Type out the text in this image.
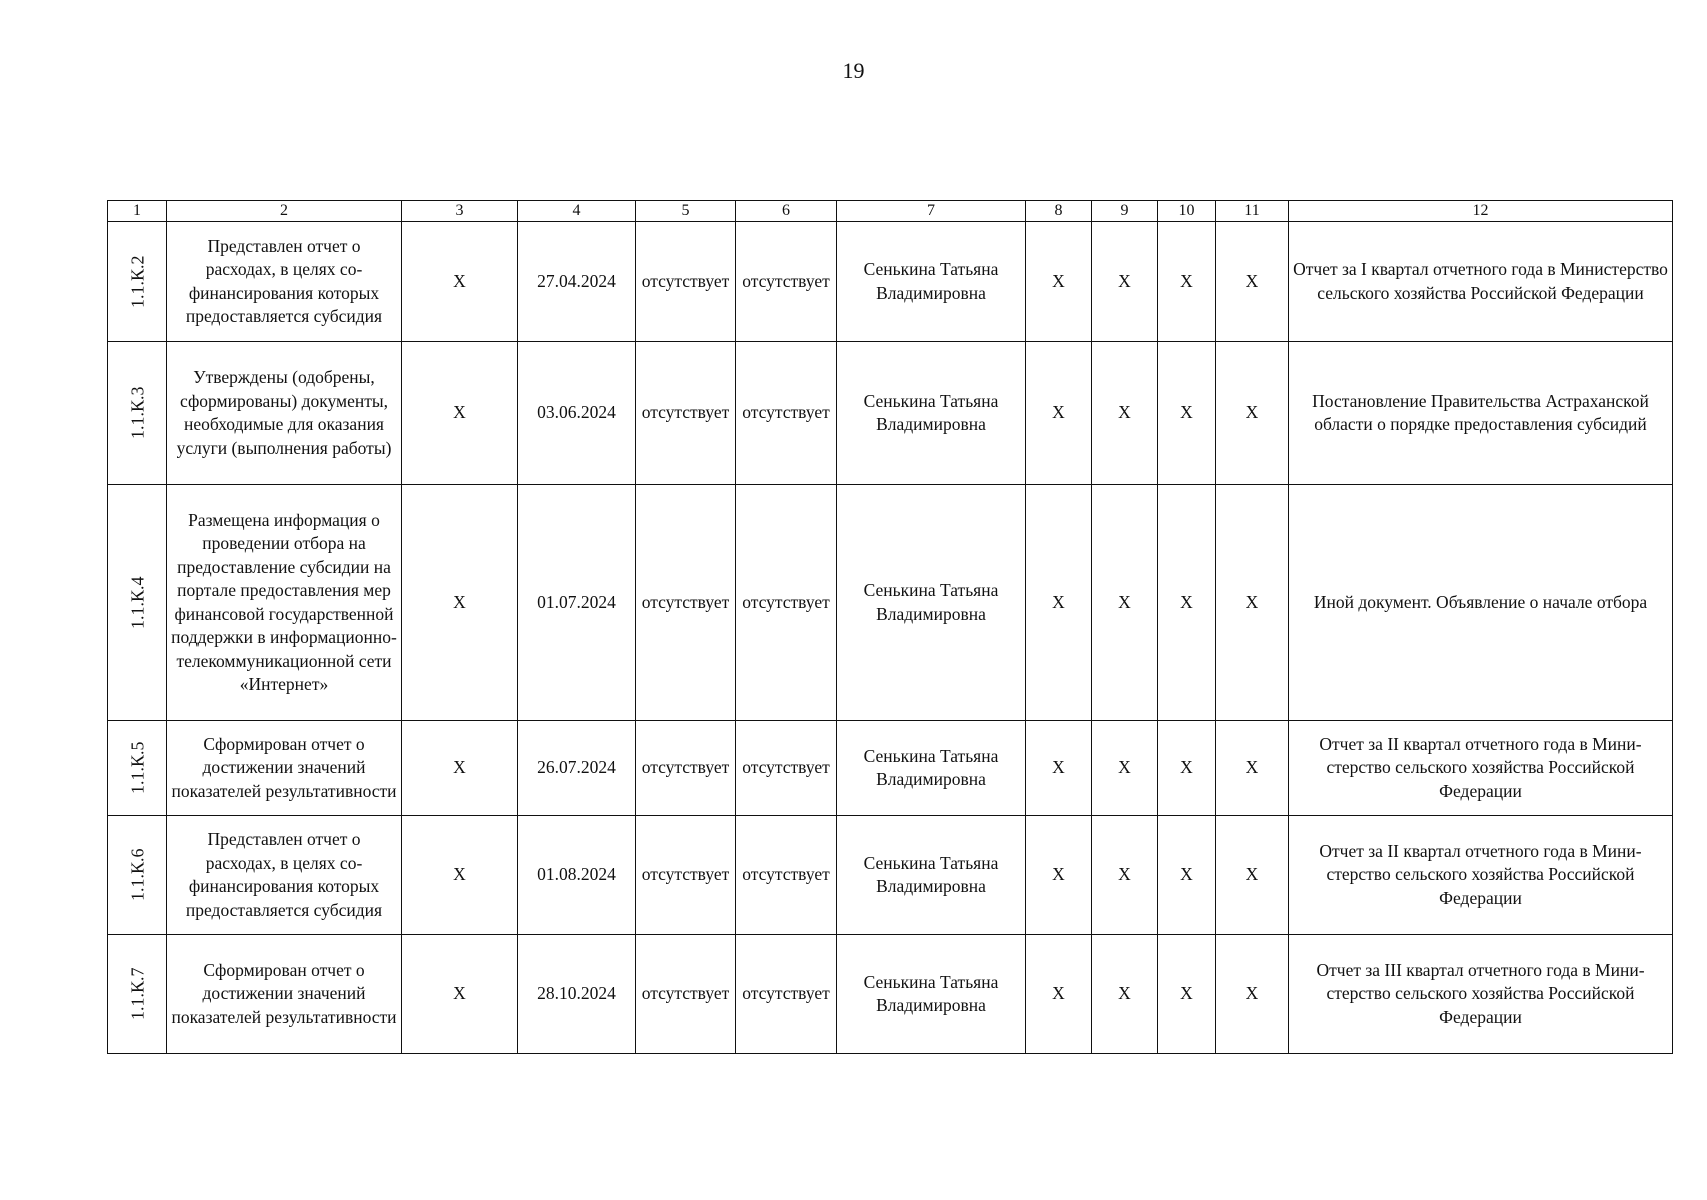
19
1	2	3	4	5	6	7	8	9	10	11	12
1.1.К.2	Представлен отчет о расходах, в целях софинансирования которых предоставляется субсидия	X	27.04.2024	отсутствует	отсутствует	Сенькина Татьяна Владимировна	X	X	X	X	Отчет за I квартал отчетного года в Министерство сельского хозяйства Российской Федерации
1.1.К.3	Утверждены (одобрены, сформированы) документы, необходимые для оказания услуги (выполнения работы)	X	03.06.2024	отсутствует	отсутствует	Сенькина Татьяна Владимировна	X	X	X	X	Постановление Правительства Астраханской области о порядке предоставления субсидий
1.1.К.4	Размещена информация о проведении отбора на предоставление субсидии на портале предоставления мер финансовой государственной поддержки в информационно-телекоммуникационной сети «Интернет»	X	01.07.2024	отсутствует	отсутствует	Сенькина Татьяна Владимировна	X	X	X	X	Иной документ. Объявление о начале отбора
1.1.К.5	Сформирован отчет о достижении значений показателей результативности	X	26.07.2024	отсутствует	отсутствует	Сенькина Татьяна Владимировна	X	X	X	X	Отчет за II квартал отчетного года в Министерство сельского хозяйства Российской Федерации
1.1.К.6	Представлен отчет о расходах, в целях софинансирования которых предоставляется субсидия	X	01.08.2024	отсутствует	отсутствует	Сенькина Татьяна Владимировна	X	X	X	X	Отчет за II квартал отчетного года в Министерство сельского хозяйства Российской Федерации
1.1.К.7	Сформирован отчет о достижении значений показателей результативности	X	28.10.2024	отсутствует	отсутствует	Сенькина Татьяна Владимировна	X	X	X	X	Отчет за III квартал отчетного года в Министерство сельского хозяйства Российской Федерации
